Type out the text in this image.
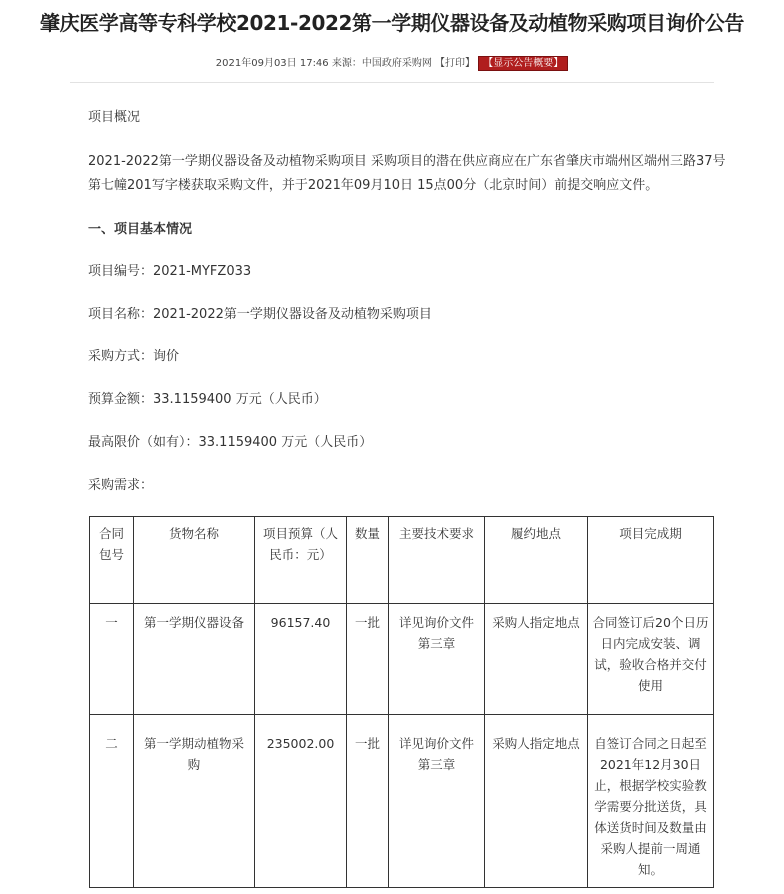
肇庆医学高等专科学校2021-2022第一学期仪器设备及动植物采购项目询价公告
2021年09月03日 17:46 来源：中国政府采购网 【打印】 【显示公告概要】
项目概况
2021-2022第一学期仪器设备及动植物采购项目 采购项目的潜在供应商应在广东省肇庆市端州区端州三路37号
第七幢201写字楼获取采购文件，并于2021年09月10日 15点00分（北京时间）前提交响应文件。
一、项目基本情况
项目编号：2021-MYFZ033
项目名称：2021-2022第一学期仪器设备及动植物采购项目
采购方式：询价
预算金额：33.1159400 万元（人民币）
最高限价（如有）：33.1159400 万元（人民币）
采购需求：
合同包号	货物名称	项目预算（人民币：元）	数量	主要技术要求	履约地点	项目完成期
一	第一学期仪器设备	96157.40	一批	详见询价文件第三章	采购人指定地点	合同签订后20个日历日内完成安装、调试，验收合格并交付使用
二	第一学期动植物采购	235002.00	一批	详见询价文件第三章	采购人指定地点	自签订合同之日起至2021年12月30日止，根据学校实验教学需要分批送货，具体送货时间及数量由采购人提前一周通知。
